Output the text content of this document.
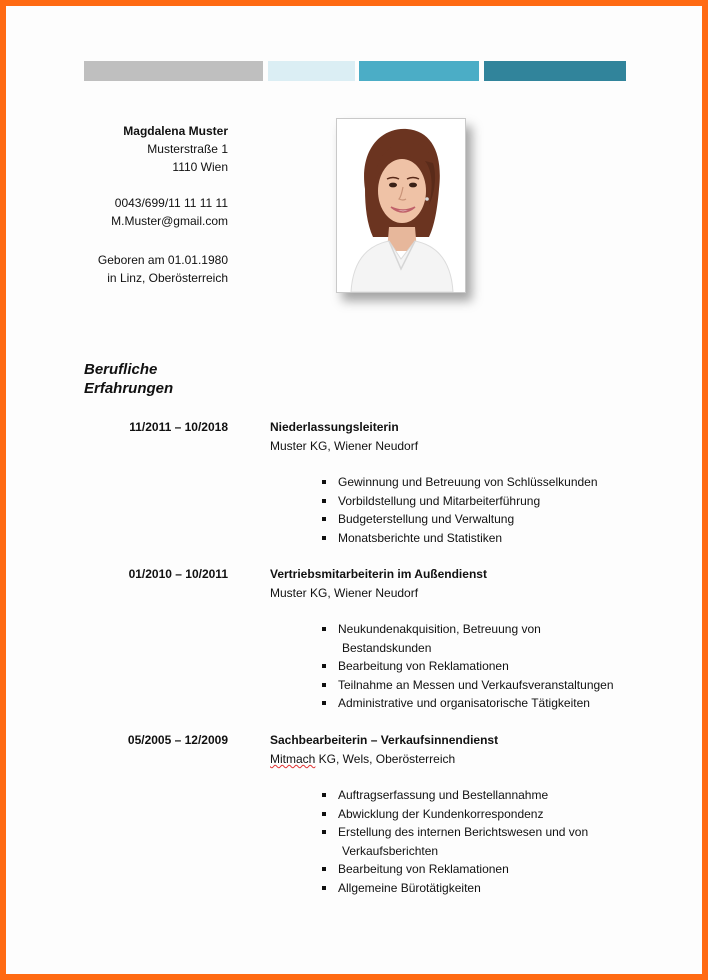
Magdalena Muster
Musterstraße 1
1110 Wien
0043/699/11 11 11 11
M.Muster@gmail.com
Geboren am 01.01.1980
in Linz, Oberösterreich
Berufliche
Erfahrungen
11/2011 – 10/2018	Niederlassungsleiterin
Muster KG, Wiener Neudorf
Gewinnung und Betreuung von Schlüsselkunden
Vorbildstellung und Mitarbeiterführung
Budgeterstellung und Verwaltung
Monatsberichte und Statistiken
01/2010 – 10/2011	Vertriebsmitarbeiterin im Außendienst
Muster KG, Wiener Neudorf
Neukundenakquisition, Betreuung von
Bestandskunden
Bearbeitung von Reklamationen
Teilnahme an Messen und Verkaufsveranstaltungen
Administrative und organisatorische Tätigkeiten
05/2005 – 12/2009	Sachbearbeiterin – Verkaufsinnendienst
Mitmach KG, Wels, Oberösterreich
Auftragserfassung und Bestellannahme
Abwicklung der Kundenkorrespondenz
Erstellung des internen Berichtswesen und von
Verkaufsberichten
Bearbeitung von Reklamationen
Allgemeine Bürotätigkeiten
